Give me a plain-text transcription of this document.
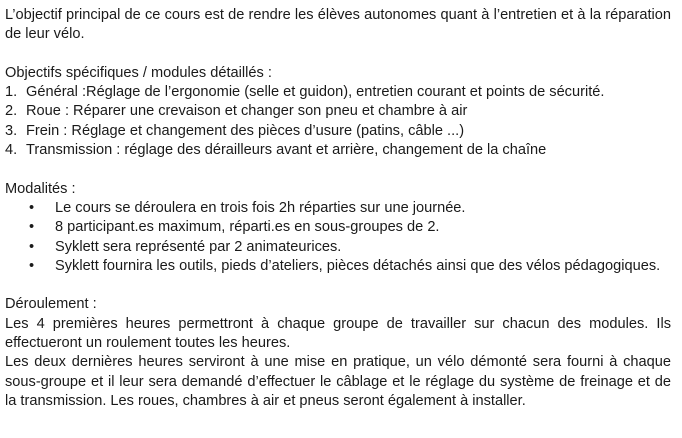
L’objectif principal de ce cours est de rendre les élèves autonomes quant à l’entretien et à la réparation de leur vélo.

Objectifs spécifiques / modules détaillés :

1. Général :Réglage de l’ergonomie (selle et guidon), entretien courant et points de sécurité.
2. Roue : Réparer une crevaison et changer son pneu et chambre à air
3. Frein : Réglage et changement des pièces d’usure (patins, câble ...)
4. Transmission : réglage des dérailleurs avant et arrière, changement de la chaîne

Modalités :

•	Le cours se déroulera en trois fois 2h réparties sur une journée.
•	8 participant.es maximum, réparti.es en sous-groupes de 2.
•	Syklett sera représenté par 2 animateurices.
•	Syklett fournira les outils, pieds d’ateliers, pièces détachés ainsi que des vélos pédagogiques.

Déroulement :

Les 4 premières heures permettront à chaque groupe de travailler sur chacun des modules. Ils effectueront un roulement toutes les heures.

Les deux dernières heures serviront à une mise en pratique, un vélo démonté sera fourni à chaque sous-groupe et il leur sera demandé d’effectuer le câblage et le réglage du système de freinage et de la transmission. Les roues, chambres à air et pneus seront également à installer.
